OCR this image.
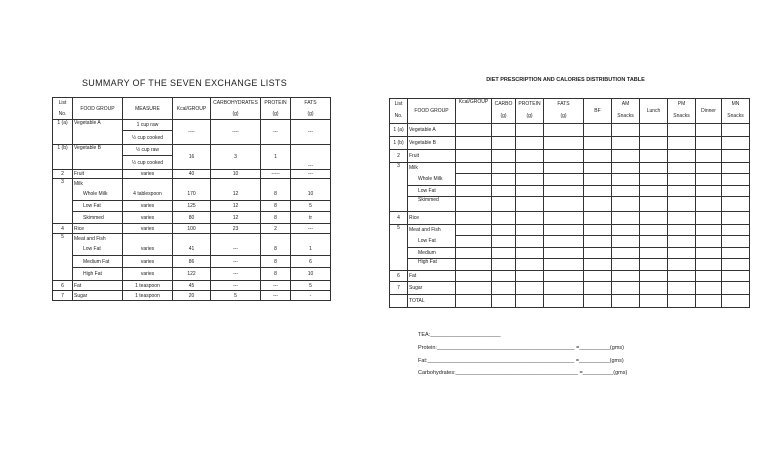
SUMMARY OF THE SEVEN EXCHANGE LISTS
List	FOOD GROUP	MEASURE	Kcal/GROUP	CARBOHYDRATES	PROTEIN	FATS
No.				(g)	(g)	(g)
1 (a)	Vegetable A	1 cup raw	----	----	---	---
		½ cup cooked				
1 (b)	Vegetable B	½ cup raw	16	3	1	---
		½ cup cooked				
2	Fruit	varies	40	10	-----	---
3	Milk					
	Whole Milk	4 tablespoon	170	12	8	10
	Low Fat	varies	125	12	8	5
	Skimmed	varies	80	12	8	tr
4	Rice	varies	100	23	2	---
5	Meat and Fish					
	Low Fat	varies	41	---	8	1
	Medium Fat	varies	86	---	8	6
	High Fat	varies	122	---	8	10
6	Fat	1 teaspoon	45	---	---	5
7	Sugar	1 teaspoon	20	5	---	-
DIET PRESCRIPTION AND CALORIES DISTRIBUTION TABLE
List	FOOD GROUP	Kcal/GROUP	CARBO	PROTEIN	FATS	BF	AM	Lunch	PM	Dinner	MN
No.			(g)	(g)	(g)		Snacks		Snacks		Snacks
1 (a)	Vegetable A										
1 (b)	Vegetable B										
2	Fruit										
3	Milk										
	Whole Milk										
	Low Fat										
	Skimmed										
4	Rice										
5	Meat and Fish										
	Low Fat										
	Medium										
	High Fat										
6	Fat										
7	Sugar										
	TOTAL										
TEA:_______________________
Protein:_____________________________________________ =__________(gms)
Fat:________________________________________________ =__________(gms)
Carbohydrates:________________________________________ =__________(gms)
